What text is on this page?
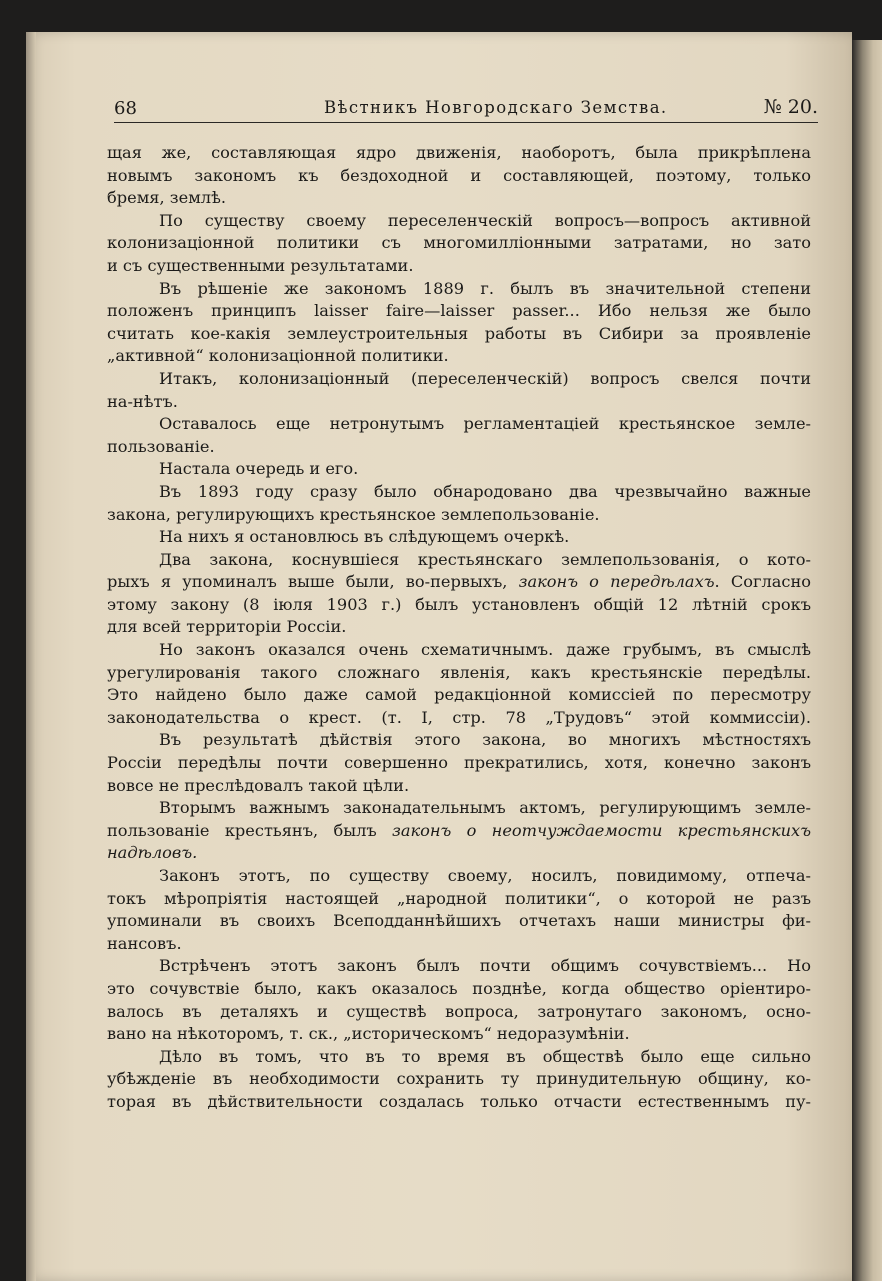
68	Вѣстникъ Новгородскаго Земства.	№ 20.
щая же, составляющая ядро движенія, наоборотъ, была прикрѣплена
новымъ закономъ къ бездоходной и составляющей, поэтому, только
бремя, землѣ.
По существу своему переселенческій вопросъ—вопросъ активной
колонизаціонной политики съ многомилліонными затратами, но зато
и съ существенными результатами.
Въ рѣшеніе же закономъ 1889 г. былъ въ значительной степени
положенъ принципъ laisser faire—laisser passer... Ибо нельзя же было
считать кое-какія землеустроительныя работы въ Сибири за проявленіе
„активной“ колонизаціонной политики.
Итакъ, колонизаціонный (переселенческій) вопросъ свелся почти
на-нѣтъ.
Оставалось еще нетронутымъ регламентаціей крестьянское земле-
пользованіе.
Настала очередь и его.
Въ 1893 году сразу было обнародовано два чрезвычайно важные
закона, регулирующихъ крестьянское землепользованіе.
На нихъ я остановлюсь въ слѣдующемъ очеркѣ.
Два закона, коснувшіеся крестьянскаго землепользованія, о кото-
рыхъ я упоминалъ выше были, во-первыхъ, законъ о передѣлахъ. Согласно
этому закону (8 іюля 1903 г.) былъ установленъ общій 12 лѣтній срокъ
для всей территоріи Россіи.
Но законъ оказался очень схематичнымъ. даже грубымъ, въ смыслѣ
урегулированія такого сложнаго явленія, какъ крестьянскіе передѣлы.
Это найдено было даже самой редакціонной комиссіей по пересмотру
законодательства о крест. (т. I, стр. 78 „Трудовъ“ этой коммиссіи).
Въ результатѣ дѣйствія этого закона, во многихъ мѣстностяхъ
Россіи передѣлы почти совершенно прекратились, хотя, конечно законъ
вовсе не преслѣдовалъ такой цѣли.
Вторымъ важнымъ законадательнымъ актомъ, регулирующимъ земле-
пользованіе крестьянъ, былъ законъ о неотчуждаемости крестьянскихъ
надѣловъ.
Законъ этотъ, по существу своему, носилъ, повидимому, отпеча-
токъ мѣропріятія настоящей „народной политики“, о которой не разъ
упоминали въ своихъ Всеподданнѣйшихъ отчетахъ наши министры фи-
нансовъ.
Встрѣченъ этотъ законъ былъ почти общимъ сочувствіемъ... Но
это сочувствіе было, какъ оказалось позднѣе, когда общество оріентиро-
валось въ деталяхъ и существѣ вопроса, затронутаго закономъ, осно-
вано на нѣкоторомъ, т. ск., „историческомъ“ недоразумѣніи.
Дѣло въ томъ, что въ то время въ обществѣ было еще сильно
убѣжденіе въ необходимости сохранить ту принудительную общину, ко-
торая въ дѣйствительности создалась только отчасти естественнымъ пу-
